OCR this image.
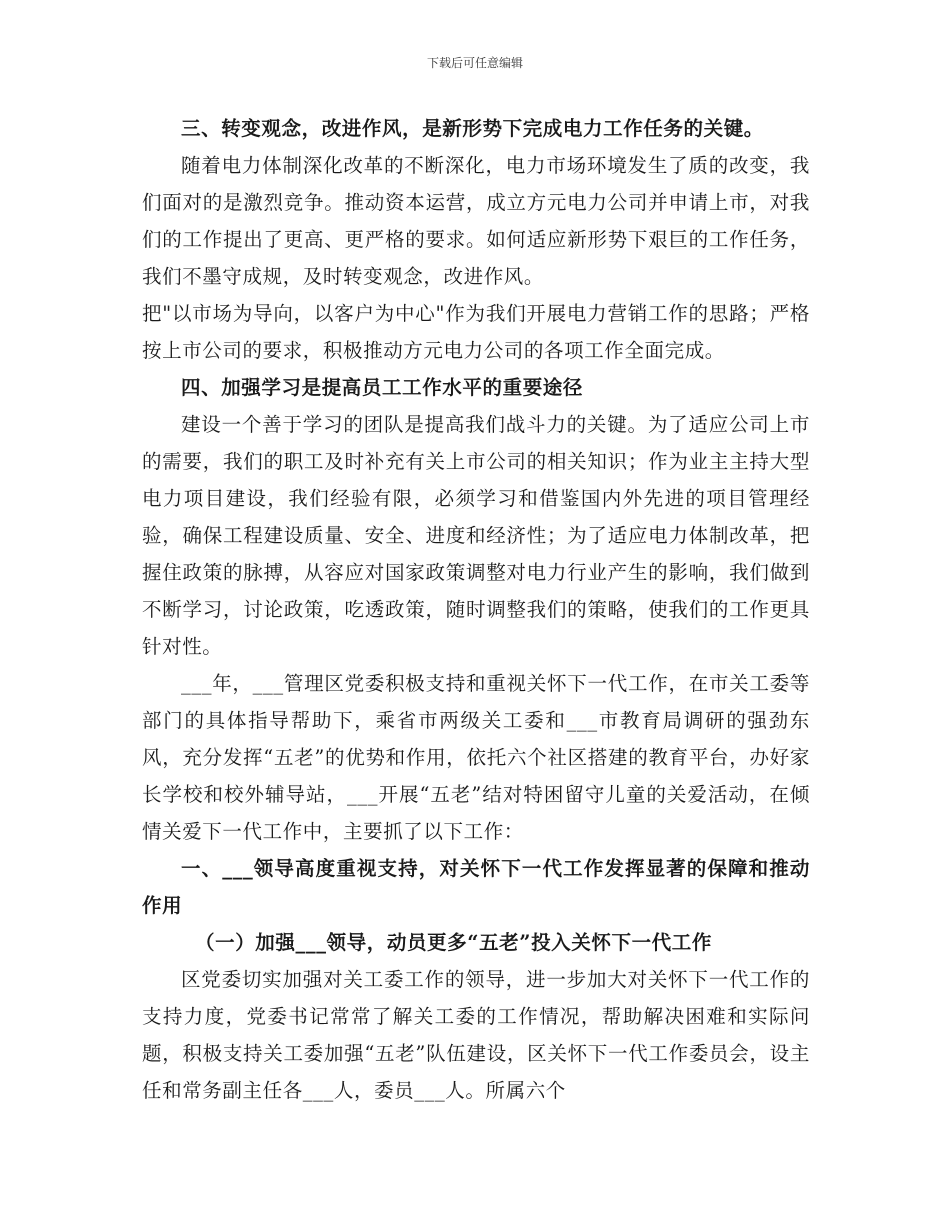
下载后可任意编辑

三、转变观念，改进作风，是新形势下完成电力工作任务的关键。

随着电力体制深化改革的不断深化，电力市场环境发生了质的改变，我们面对的是激烈竞争。推动资本运营，成立方元电力公司并申请上市，对我们的工作提出了更高、更严格的要求。如何适应新形势下艰巨的工作任务，我们不墨守成规，及时转变观念，改进作风。

把"以市场为导向，以客户为中心"作为我们开展电力营销工作的思路；严格按上市公司的要求，积极推动方元电力公司的各项工作全面完成。

四、加强学习是提高员工工作水平的重要途径

建设一个善于学习的团队是提高我们战斗力的关键。为了适应公司上市的需要，我们的职工及时补充有关上市公司的相关知识；作为业主主持大型电力项目建设，我们经验有限，必须学习和借鉴国内外先进的项目管理经验，确保工程建设质量、安全、进度和经济性；为了适应电力体制改革，把握住政策的脉搏，从容应对国家政策调整对电力行业产生的影响，我们做到不断学习，讨论政策，吃透政策，随时调整我们的策略，使我们的工作更具针对性。

___年，___管理区党委积极支持和重视关怀下一代工作，在市关工委等部门的具体指导帮助下，乘省市两级关工委和___市教育局调研的强劲东风，充分发挥“五老”的优势和作用，依托六个社区搭建的教育平台，办好家长学校和校外辅导站，___开展“五老”结对特困留守儿童的关爱活动，在倾情关爱下一代工作中，主要抓了以下工作：

一、___领导高度重视支持，对关怀下一代工作发挥显著的保障和推动作用

（一）加强___领导，动员更多“五老”投入关怀下一代工作

区党委切实加强对关工委工作的领导，进一步加大对关怀下一代工作的支持力度，党委书记常常了解关工委的工作情况，帮助解决困难和实际问题，积极支持关工委加强“五老”队伍建设，区关怀下一代工作委员会，设主任和常务副主任各___人，委员___人。所属六个
